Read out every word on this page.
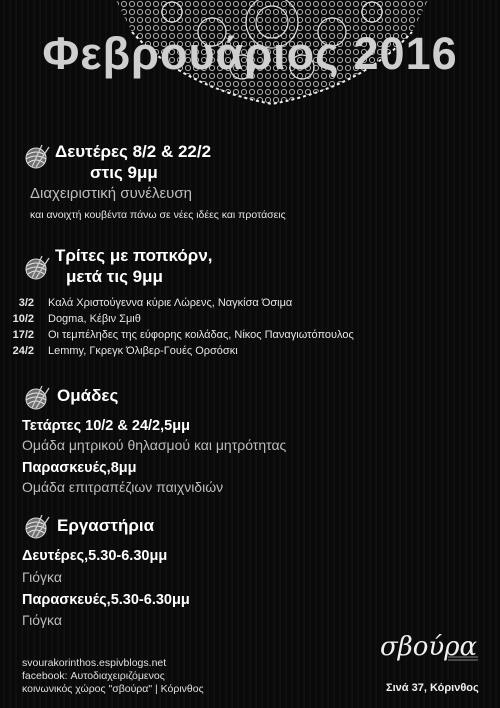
Φεβρουάριος 2016
Δευτέρες 8/2 & 22/2
στις 9μμ
Διαχειριστική συνέλευση
και ανοιχτή κουβέντα πάνω σε νέες ιδέες και προτάσεις
Τρίτες με ποπκόρν,
μετά τις 9μμ
3/2 Καλά Χριστούγεννα κύριε Λώρενς, Ναγκίσα Όσιμα
10/2 Dogma, Κέβιν Σμιθ
17/2 Οι τεμπέληδες της εύφορης κοιλάδας, Νίκος Παναγιωτόπουλος
24/2 Lemmy, Γκρεγκ Όλιβερ-Γουές Ορσόσκι
Ομάδες
Τετάρτες 10/2 & 24/2,5μμ
Ομάδα μητρικού θηλασμού και μητρότητας
Παρασκευές,8μμ
Ομάδα επιτραπέζιων παιχνιδιών
Εργαστήρια
Δευτέρες,5.30-6.30μμ
Γιόγκα
Παρασκευές,5.30-6.30μμ
Γιόγκα
svourakorinthos.espivblogs.net
facebook: Αυτοδιαχειριζόμενος
κοινωνικός χώρος "σβούρα" | Κόρινθος
σβούρα
Σινά 37, Κόρινθος
